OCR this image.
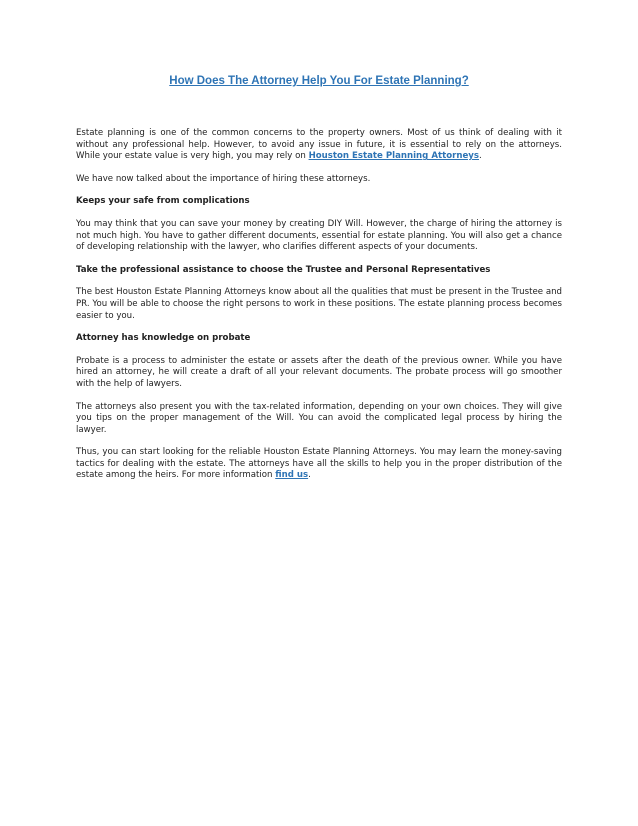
How Does The Attorney Help You For Estate Planning?

Estate planning is one of the common concerns to the property owners. Most of us think of dealing with it without any professional help. However, to avoid any issue in future, it is essential to rely on the attorneys. While your estate value is very high, you may rely on Houston Estate Planning Attorneys.

We have now talked about the importance of hiring these attorneys.

Keeps your safe from complications

You may think that you can save your money by creating DIY Will. However, the charge of hiring the attorney is not much high. You have to gather different documents, essential for estate planning. You will also get a chance of developing relationship with the lawyer, who clarifies different aspects of your documents.

Take the professional assistance to choose the Trustee and Personal Representatives

The best Houston Estate Planning Attorneys know about all the qualities that must be present in the Trustee and PR. You will be able to choose the right persons to work in these positions. The estate planning process becomes easier to you.

Attorney has knowledge on probate

Probate is a process to administer the estate or assets after the death of the previous owner. While you have hired an attorney, he will create a draft of all your relevant documents. The probate process will go smoother with the help of lawyers.

The attorneys also present you with the tax-related information, depending on your own choices. They will give you tips on the proper management of the Will. You can avoid the complicated legal process by hiring the lawyer.

Thus, you can start looking for the reliable Houston Estate Planning Attorneys. You may learn the money-saving tactics for dealing with the estate. The attorneys have all the skills to help you in the proper distribution of the estate among the heirs. For more information find us.
